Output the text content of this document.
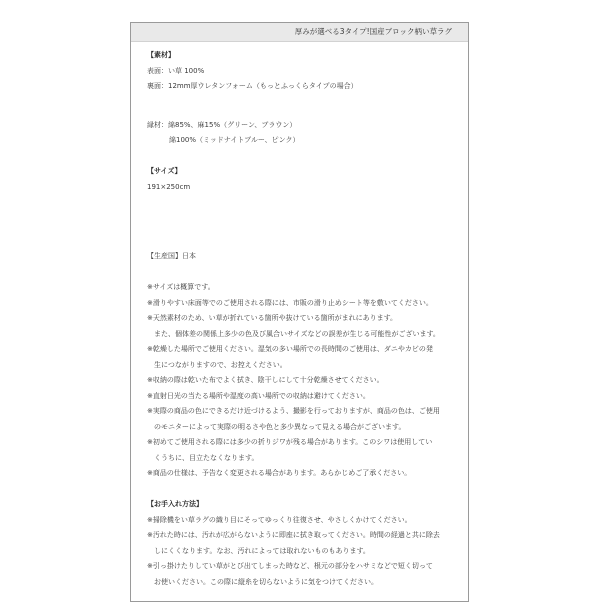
厚みが選べる3タイプ!国産ブロック柄い草ラグ
【素材】
表面：い草 100%
裏面：12mm厚ウレタンフォーム（もっとふっくらタイプの場合）
縁材：綿85%、麻15%（グリーン、ブラウン）
綿100%（ミッドナイトブルー、ピンク）
【サイズ】
191×250cm
【生産国】日本
※サイズは概算です。
※滑りやすい床面等でのご使用される際には、市販の滑り止めシート等を敷いてください。
※天然素材のため、い草が折れている箇所や抜けている箇所がまれにあります。
　また、個体差の関係上多少の色及び風合いサイズなどの誤差が生じる可能性がございます。
※乾燥した場所でご使用ください。湿気の多い場所での長時間のご使用は、ダニやカビの発
　生につながりますので、お控えください。
※収納の際は乾いた布でよく拭き、陰干しにして十分乾燥させてください。
※直射日光の当たる場所や湿度の高い場所での収納は避けてください。
※実際の商品の色にできるだけ近づけるよう、撮影を行っておりますが、商品の色は、ご使用
　のモニターによって実際の明るさや色と多少異なって見える場合がございます。
※初めてご使用される際には多少の折りジワが残る場合があります。このシワは使用してい
　くうちに、目立たなくなります。
※商品の仕様は、予告なく変更される場合があります。あらかじめご了承ください。
【お手入れ方法】
※掃除機をい草ラグの織り目にそってゆっくり往復させ、やさしくかけてください。
※汚れた時には、汚れが広がらないように即座に拭き取ってください。時間の経過と共に除去
　しにくくなります。なお、汚れによっては取れないものもあります。
※引っ掛けたりしてい草がとび出てしまった時など、根元の部分をハサミなどで短く切って
　お使いください。この際に縦糸を切らないように気をつけてください。
